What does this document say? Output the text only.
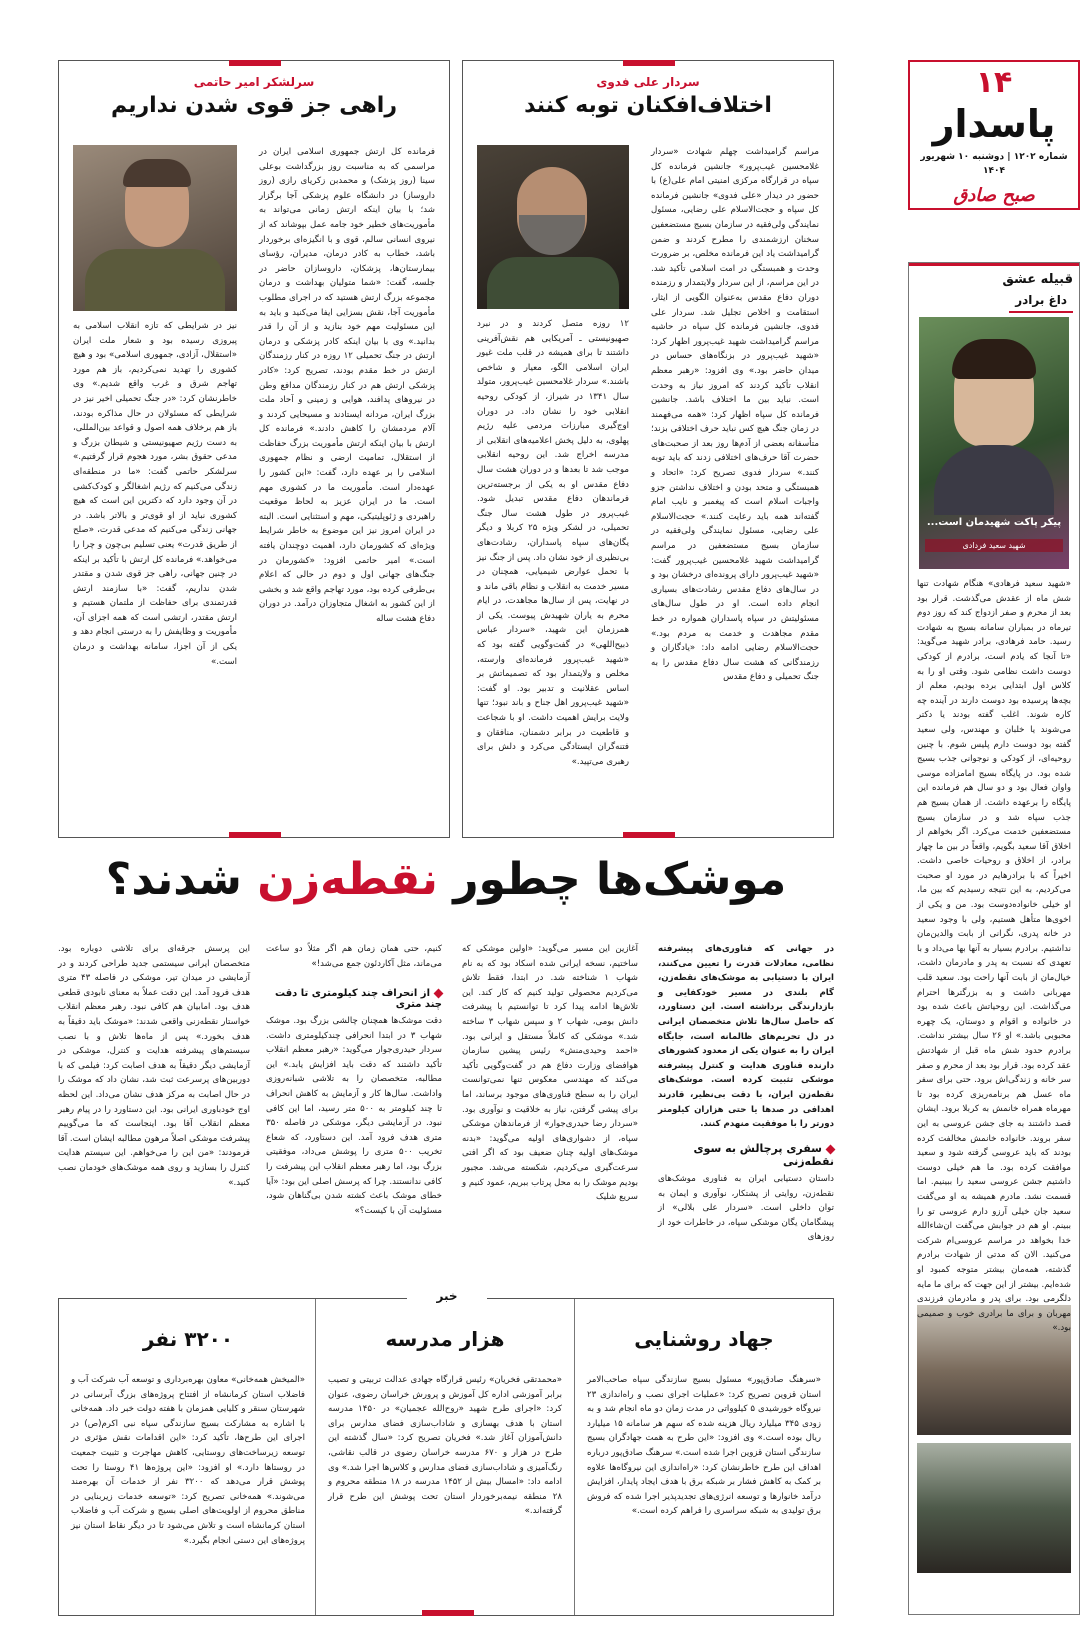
۱۴
پاسدار
شماره ۱۲۰۲ | دوشنبه ۱۰ شهریور ۱۴۰۴
صبح صادق
قبیله عشق
داغ برادر
پیکر پاکت شهیدمان است...
شهید سعید فردادی
«شهید سعید فرهادی» هنگام شهادت تنها شش ماه از عقدش می‌گذشت. قرار بود بعد از محرم و صفر ازدواج کند که روز دوم تیرماه در بمباران سامانه بسیج به شهادت رسید. حامد فرهادی، برادر شهید می‌گوید: «تا آنجا که یادم است، برادرم از کودکی دوست داشت نظامی شود. وقتی او را به کلاس اول ابتدایی برده بودیم، معلم از بچه‌ها پرسیده بود دوست دارند در آینده چه کاره شوند. اغلب گفته بودند یا دکتر می‌شوند یا خلبان و مهندس، ولی سعید گفته بود دوست دارم پلیس شوم. با چنین روحیه‌ای، از کودکی و نوجوانی جذب بسیج شده بود. در پایگاه بسیج امامزاده موسی واوان فعال بود و دو سال هم فرمانده این پایگاه را برعهده داشت. از همان بسیج هم جذب سپاه شد و در سازمان بسیج مستضعفین خدمت می‌کرد. اگر بخواهم از اخلاق آقا سعید بگویم، واقعاً در بین ما چهار برادر، از اخلاق و روحیات خاصی داشت. اخیراً که با برادرهایم در مورد او صحبت می‌کردیم، به این نتیجه رسیدیم که بین ما، او خیلی خانواده‌دوست بود. من و یکی از اخوی‌ها متأهل هستیم، ولی با وجود سعید در خانه پدری، نگرانی از بابت والدین‌مان نداشتیم. برادرم بسیار به آنها بها می‌داد و با تعهدی که نسبت به پدر و مادرمان داشت، خیال‌مان از بابت آنها راحت بود. سعید قلب مهربانی داشت و به بزرگترها احترام می‌گذاشت. این روحیاتش باعث شده بود در خانواده و اقوام و دوستان، یک چهره محبوبی باشد.» او ۲۶ سال بیشتر نداشت. برادرم حدود شش ماه قبل از شهادتش عقد کرده بود. قرار بود بعد از محرم و صفر سر خانه و زندگی‌اش برود. حتی برای سفر ماه عسل هم برنامه‌ریزی کرده بود تا مهرماه همراه خانمش به کربلا برود. ایشان قصد داشتند به جای جشن عروسی به این سفر بروند. خانواده خانمش مخالفت کرده بودند که باید عروسی گرفته شود و سعید موافقت کرده بود. ما هم خیلی دوست داشتیم جشن عروسی سعید را ببینیم. اما قسمت نشد. مادرم همیشه به او می‌گفت سعید جان خیلی آرزو دارم عروسی تو را ببینم. او هم در جوابش می‌گفت ان‌شاءالله خدا بخواهد در مراسم عروسی‌ام شرکت می‌کنید. الان که مدتی از شهادت برادرم گذشته، همه‌مان بیشتر متوجه کمبود او شده‌ایم. بیشتر از این جهت که برای ما مایه دلگرمی بود. برای پدر و مادرمان فرزندی مهربان و برای ما برادری خوب و صمیمی بود.»
سردار علی فدوی
اختلاف‌افکنان توبه کنند
مراسم گرامیداشت چهلم شهادت «سردار غلامحسین غیب‌پرور» جانشین فرمانده کل سپاه در قرارگاه مرکزی امنیتی امام علی(ع) با حضور در دیدار «علی فدوی» جانشین فرمانده کل سپاه و حجت‌الاسلام علی رضایی، مسئول نمایندگی ولی‌فقیه در سازمان بسیج مستضعفین سخنان ارزشمندی را مطرح کردند و ضمن گرامیداشت یاد این فرمانده مخلص، بر ضرورت وحدت و همبستگی در امت اسلامی تأکید شد. در این مراسم، از این سردار ولایتمدار و رزمنده دوران دفاع مقدس به‌عنوان الگویی از ایثار، استقامت و اخلاص تجلیل شد. سردار علی فدوی، جانشین فرمانده کل سپاه در حاشیه مراسم گرامیداشت شهید غیب‌پرور اظهار کرد: «شهید غیب‌پرور در بزنگاه‌های حساس در میدان حاضر بود.» وی افزود: «رهبر معظم انقلاب تأکید کردند که امروز نیاز به وحدت است. نباید بین ما اختلاف باشد. جانشین فرمانده کل سپاه اظهار کرد: «همه می‌فهمند در زمان جنگ هیچ کس نباید حرف اختلافی بزند؛ متأسفانه بعضی از آدم‌ها روز بعد از صحبت‌های حضرت آقا حرف‌های اختلافی زدند که باید توبه کنند.» سردار فدوی تصریح کرد: «اتحاد و همبستگی و متحد بودن و اختلاف نداشتن جزو واجبات اسلام است که پیغمبر و نایب امام گفته‌اند همه باید رعایت کنند.» حجت‌الاسلام علی رضایی، مسئول نمایندگی ولی‌فقیه در سازمان بسیج مستضعفین در مراسم گرامیداشت شهید غلامحسین غیب‌پرور گفت: «شهید غیب‌پرور دارای پرونده‌ای درخشان بود و در سال‌های دفاع مقدس رشادت‌های بسیاری انجام داده است. او در طول سال‌های مسئولیتش در سپاه پاسداران همواره در خط مقدم مجاهدت و خدمت به مردم بود.» حجت‌الاسلام رضایی ادامه داد: «یادگاران و رزمندگانی که هشت سال دفاع مقدس را به جنگ تحمیلی و دفاع مقدس
۱۲ روزه متصل کردند و در نبرد صهیونیستی ـ آمریکایی هم نقش‌آفرینی داشتند تا برای همیشه در قلب ملت غیور ایران اسلامی الگو، معیار و شاخص باشند.» سردار غلامحسین غیب‌پرور، متولد سال ۱۳۴۱ در شیراز، از کودکی روحیه انقلابی خود را نشان داد. در دوران اوج‌گیری مبارزات مردمی علیه رژیم پهلوی، به دلیل پخش اعلامیه‌های انقلابی از مدرسه اخراج شد. این روحیه انقلابی موجب شد تا بعدها و در دوران هشت سال دفاع مقدس او به یکی از برجسته‌ترین فرماندهان دفاع مقدس تبدیل شود. غیب‌پرور در طول هشت سال جنگ تحمیلی، در لشکر ویژه ۲۵ کربلا و دیگر یگان‌های سپاه پاسداران، رشادت‌های بی‌نظیری از خود نشان داد. پس از جنگ نیز با تحمل عوارض شیمیایی، همچنان در مسیر خدمت به انقلاب و نظام باقی ماند و در نهایت، پس از سال‌ها مجاهدت، در ایام محرم به یاران شهیدش پیوست. یکی از همرزمان این شهید، «سردار عباس ذبیح‌اللهی» در گفت‌وگویی گفته بود که «شهید غیب‌پرور فرمانده‌ای وارسته، مخلص و ولایتمدار بود که تصمیماتش بر اساس عقلانیت و تدبیر بود. او گفت: «شهید غیب‌پرور اهل جناح و باند نبود؛ تنها ولایت برایش اهمیت داشت. او با شجاعت و قاطعیت در برابر دشمنان، منافقان و فتنه‌گران ایستادگی می‌کرد و دلش برای رهبری می‌تپید.»
سرلشکر امیر حاتمی
راهی جز قوی شدن نداریم
فرمانده کل ارتش جمهوری اسلامی ایران در مراسمی که به مناسبت روز بزرگداشت بوعلی سینا (روز پزشک) و محمدبن زکریای رازی (روز داروساز) در دانشگاه علوم پزشکی آجا برگزار شد؛ با بیان اینکه ارتش زمانی می‌تواند به مأموریت‌های خطیر خود جامه عمل بپوشاند که از نیروی انسانی سالم، قوی و با انگیزه‌ای برخوردار باشد، خطاب به کادر درمان، مدیران، رؤسای بیمارستان‌ها، پزشکان، داروسازان حاضر در جلسه، گفت: «شما متولیان بهداشت و درمان مجموعه بزرگ ارتش هستید که در اجرای مطلوب مأموریت آجا، نقش بسزایی ایفا می‌کنید و باید به این مسئولیت مهم خود بنازید و از آن را قدر بدانید.» وی با بیان اینکه کادر پزشکی و درمان ارتش در جنگ تحمیلی ۱۲ روزه در کنار رزمندگان ارتش در خط مقدم بودند، تصریح کرد: «کادر پزشکی ارتش هم در کنار رزمندگان مدافع وطن در نیروهای پدافند، هوایی و زمینی و آحاد ملت بزرگ ایران، مردانه ایستادند و مسیحایی کردند و آلام مردمشان را کاهش دادند.» فرمانده کل ارتش با بیان اینکه ارتش مأموریت بزرگ حفاظت از استقلال، تمامیت ارضی و نظام جمهوری اسلامی را بر عهده دارد، گفت: «این کشور را عهده‌دار است. مأموریت ما در کشوری مهم است. ما در ایران عزیز به لحاظ موقعیت راهبردی و ژئوپلیتیکی، مهم و استثنایی است. البته در ایران امروز نیز این موضوع به خاطر شرایط ویژه‌ای که کشورمان دارد، اهمیت دوچندان یافته است.» امیر حاتمی افزود: «کشورمان در جنگ‌های جهانی اول و دوم در حالی که اعلام بی‌طرفی کرده بود، مورد تهاجم واقع شد و بخشی از این کشور به اشغال متجاوزان درآمد. در دوران دفاع هشت ساله
نیز در شرایطی که تازه انقلاب اسلامی به پیروزی رسیده بود و شعار ملت ایران «استقلال، آزادی، جمهوری اسلامی» بود و هیچ کشوری را تهدید نمی‌کردیم، باز هم مورد تهاجم شرق و غرب واقع شدیم.» وی خاطرنشان کرد: «در جنگ تحمیلی اخیر نیز در شرایطی که مسئولان در حال مذاکره بودند، باز هم برخلاف همه اصول و قواعد بین‌المللی، به دست رژیم صهیونیستی و شیطان بزرگ و مدعی حقوق بشر، مورد هجوم قرار گرفتیم.» سرلشکر حاتمی گفت: «ما در منطقه‌ای زندگی می‌کنیم که رژیم اشغالگر و کودک‌کشی در آن وجود دارد که دکترین این است که هیچ کشوری نباید از او قوی‌تر و بالاتر باشد. در جهانی زندگی می‌کنیم که مدعی قدرت، «صلح از طریق قدرت» یعنی تسلیم بی‌چون و چرا را می‌خواهد.» فرمانده کل ارتش با تأکید بر اینکه در چنین جهانی، راهی جز قوی شدن و مقتدر شدن نداریم، گفت: «با سازمند ارتش قدرتمندی برای حفاظت از ملتمان هستیم و ارتش مقتدر، ارتشی است که همه اجزای آن، مأموریت و وظایفش را به درستی انجام دهد و یکی از آن اجزا، سامانه بهداشت و درمان است.»
موشک‌ها چطور نقطه‌زن شدند؟
در جهانی که فناوری‌های پیشرفته نظامی، معادلات قدرت را تعیین می‌کنند، ایران با دستیابی به موشک‌های نقطه‌زن، گام بلندی در مسیر خودکفایی و بازدارندگی برداشته است. این دستاورد، که حاصل سال‌ها تلاش متخصصان ایرانی در دل تحریم‌های ظالمانه است، جایگاه ایران را به عنوان یکی از معدود کشورهای دارنده فناوری هدایت و کنترل پیشرفته موشکی تثبیت کرده است. موشک‌های نقطه‌زن ایران، با دقت بی‌نظیر، قادرند اهدافی در صدها یا حتی هزاران کیلومتر دورتر را با موفقیت منهدم کنند.
سفری پرچالش به سوی نقطه‌زنی
داستان دستیابی ایران به فناوری موشک‌های نقطه‌زن، روایتی از پشتکار، نوآوری و ایمان به توان داخلی است. «سردار علی بلالی» از پیشگامان یگان موشکی سپاه، در خاطرات خود از روزهای
آغازین این مسیر می‌گوید: «اولین موشکی که ساختیم، نسخه ایرانی شده اسکاد بود که به نام شهاب ۱ شناخته شد. در ابتدا، فقط تلاش می‌کردیم محصولی تولید کنیم که کار کند. این تلاش‌ها ادامه پیدا کرد تا توانستیم با پیشرفت دانش بومی، شهاب ۲ و سپس شهاب ۳ ساخته شد.» موشکی که کاملاً مستقل و ایرانی بود. «احمد وحیدی‌منش» رئیس پیشین سازمان هوافضای وزارت دفاع هم در گفت‌وگویی تأکید می‌کند که مهندسی معکوس تنها نمی‌توانست ایران را به سطح فناوری‌های موجود برساند، اما برای پیشی گرفتن، نیاز به خلاقیت و نوآوری بود. «سردار رضا حیدری‌جوار» از فرماندهان موشکی سپاه، از دشواری‌های اولیه می‌گوید: «بدنه موشک‌های اولیه چنان ضعیف بود که اگر افتی سرعت‌گیری می‌کردیم، شکسته می‌شد. مجبور بودیم موشک را به محل پرتاب ببریم، عمود کنیم و سریع شلیک
کنیم، حتی همان زمان هم اگر مثلاً دو ساعت می‌ماند، مثل آکاردئون جمع می‌شد!»
از انحراف چند کیلومتری تا دقت چند متری
دقت موشک‌ها همچنان چالشی بزرگ بود. موشک شهاب ۳ در ابتدا انحرافی چندکیلومتری داشت. سردار حیدری‌جوار می‌گوید: «رهبر معظم انقلاب تأکید داشتند که دقت باید افزایش یابد.» این مطالبه، متخصصان را به تلاشی شبانه‌روزی واداشت. سال‌ها کار و آزمایش به کاهش انحراف تا چند کیلومتر به ۵۰۰ متر رسید، اما این کافی نبود. در آزمایشی دیگر، موشکی در فاصله ۳۵۰ متری هدف فرود آمد. این دستاورد، که شعاع تخریب ۵۰۰ متری را پوشش می‌داد، موفقیتی بزرگ بود، اما رهبر معظم انقلاب این پیشرفت را کافی ندانستند. چرا که پرسش اصلی این بود: «آیا خطای موشک باعث کشته شدن بی‌گناهان شود، مسئولیت آن با کیست؟»
این پرسش جرقه‌ای برای تلاشی دوباره بود. متخصصان ایرانی سیستمی جدید طراحی کردند و در آزمایشی در میدان تیر، موشکی در فاصله ۴۳ متری هدف فرود آمد. این دقت عملاً به معنای نابودی قطعی هدف بود. امابیان هم کافی نبود. رهبر معظم انقلاب خواستار نقطه‌زنی واقعی شدند: «موشک باید دقیقاً به هدف بخورد.» پس از ماه‌ها تلاش و با نصب سیستم‌های پیشرفته هدایت و کنترل، موشکی در آزمایشی دیگر دقیقاً به هدف اصابت کرد: فیلمی که با دوربین‌های پرسرعت ثبت شد، نشان داد که موشک را در حال اصابت به مرکز هدف نشان می‌داد. این لحظه اوج خودباوری ایرانی بود. این دستاورد را در پیام رهبر معظم انقلاب آقا بود. اینجاست که ما می‌گوییم پیشرفت موشکی اصلاً مرهون مطالبه ایشان است. آقا فرمودند: «من این را می‌خواهم. این سیستم هدایت کنترل را بسازید و روی همه موشک‌های خودمان نصب کنید.»
خبر
جهاد روشنایی
«سرهنگ صادق‌پور» مسئول بسیج سازندگی سپاه صاحب‌الامر استان قزوین تصریح کرد: «عملیات اجرای نصب و راه‌اندازی ۲۳ نیروگاه خورشیدی ۵ کیلوواتی در مدت زمان دو ماه انجام شد و به زودی ۳۴۵ میلیارد ریال هزینه شده که سهم هر سامانه ۱۵ میلیارد ریال بوده است.» وی افزود: «این طرح به همت جهادگران بسیج سازندگی استان قزوین اجرا شده است.» سرهنگ صادق‌پور درباره اهداف این طرح خاطرنشان کرد: «راه‌اندازی این نیروگاه‌ها علاوه بر کمک به کاهش فشار بر شبکه برق با هدف ایجاد پایدار، افزایش درآمد خانوارها و توسعه انرژی‌های تجدیدپذیر اجرا شده که فروش برق تولیدی به شبکه سراسری را فراهم کرده است.»
هزار مدرسه
«محمدتقی فخریان» رئیس قرارگاه جهادی عدالت تربیتی و تصیب برابر آموزشی اداره کل آموزش و پرورش خراسان رضوی، عنوان کرد: «اجرای طرح شهید «روح‌الله عجمیان» در ۱۴۵۰ مدرسه استان با هدف بهسازی و شاداب‌سازی فضای مدارس برای دانش‌آموزان آغاز شد.» فخریان تصریح کرد: «سال گذشته این طرح در هزار و ۶۷۰ مدرسه خراسان رضوی در قالب نقاشی، رنگ‌آمیزی و شاداب‌سازی فضای مدارس و کلاس‌ها اجرا شد.» وی ادامه داد: «امسال بیش از ۱۴۵۲ مدرسه در ۱۸ منطقه محروم و ۲۸ منطقه نیمه‌برخوردار استان تحت پوشش این طرح قرار گرفته‌اند.»
۳۲۰۰ نفر
«المیخش همه‌خانی» معاون بهره‌برداری و توسعه آب شرکت آب و فاضلاب استان کرمانشاه از افتتاح پروژه‌های بزرگ آبرسانی در شهرستان سنقر و کلیایی همزمان با هفته دولت خبر داد. همه‌خانی با اشاره به مشارکت بسیج سازندگی سپاه نبی اکرم(ص) در اجرای این طرح‌ها، تأکید کرد: «این اقدامات نقش مؤثری در توسعه زیرساخت‌های روستایی، کاهش مهاجرت و تثبیت جمعیت در روستاها دارد.» او افزود: «این پروژه‌ها ۴۱ روستا را تحت پوشش قرار می‌دهد که ۳۲۰۰ نفر از خدمات آن بهره‌مند می‌شوند.» همه‌خانی تصریح کرد: «توسعه خدمات زیربنایی در مناطق محروم از اولویت‌های اصلی بسیج و شرکت آب و فاضلاب استان کرمانشاه است و تلاش می‌شود تا در دیگر نقاط استان نیز پروژه‌های این دستی انجام بگیرد.»
